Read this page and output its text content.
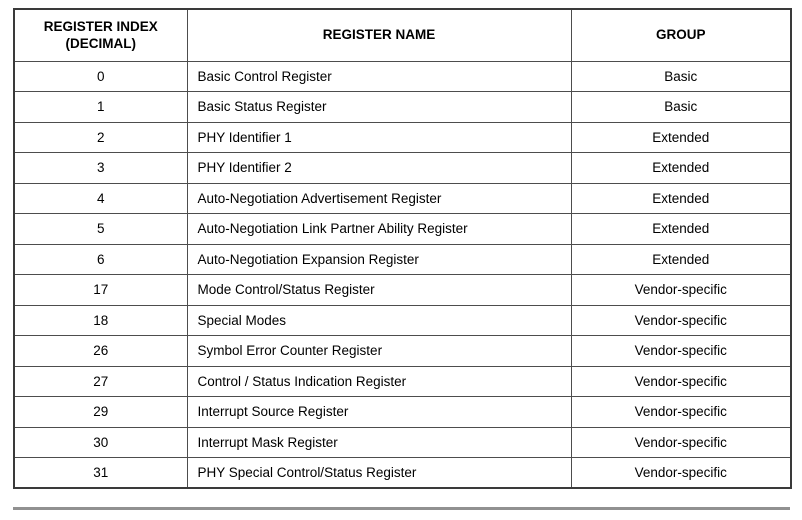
REGISTER INDEX
(DECIMAL)	REGISTER NAME	GROUP
0	Basic Control Register	Basic
1	Basic Status Register	Basic
2	PHY Identifier 1	Extended
3	PHY Identifier 2	Extended
4	Auto-Negotiation Advertisement Register	Extended
5	Auto-Negotiation Link Partner Ability Register	Extended
6	Auto-Negotiation Expansion Register	Extended
17	Mode Control/Status Register	Vendor-specific
18	Special Modes	Vendor-specific
26	Symbol Error Counter Register	Vendor-specific
27	Control / Status Indication Register	Vendor-specific
29	Interrupt Source Register	Vendor-specific
30	Interrupt Mask Register	Vendor-specific
31	PHY Special Control/Status Register	Vendor-specific
